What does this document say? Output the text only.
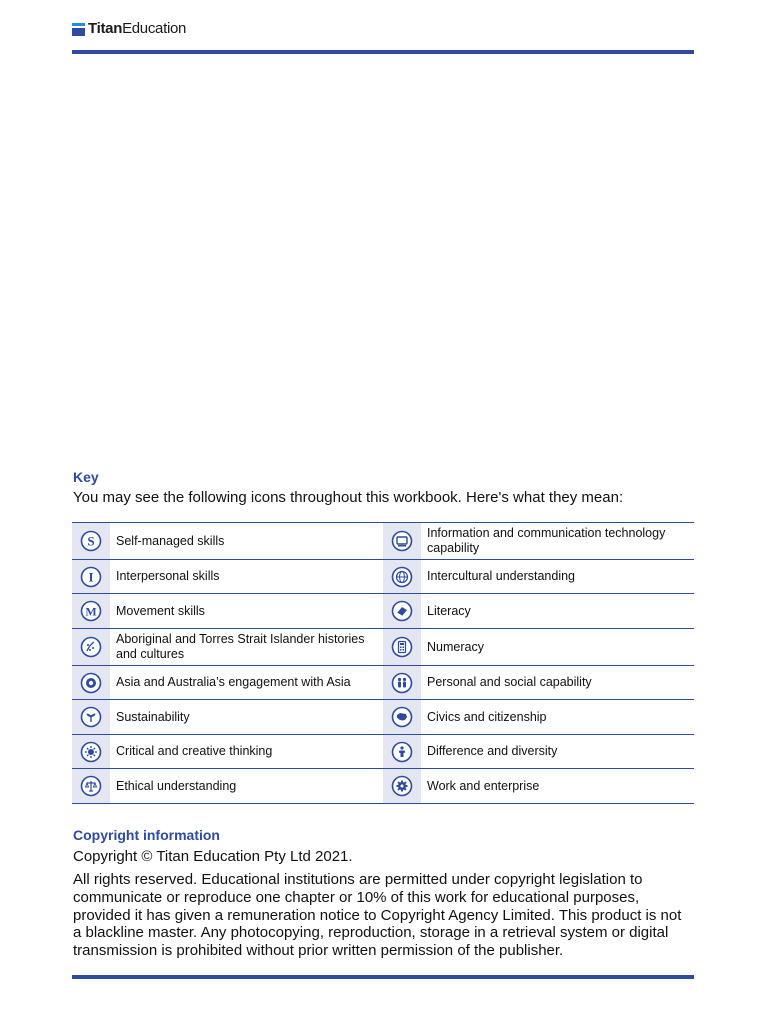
TitanEducation
Key
You may see the following icons throughout this workbook. Here's what they mean:
S	Self-managed skills		Information and communication technology capability

I	Interpersonal skills		Intercultural understanding

M	Movement skills		Literacy

	Aboriginal and Torres Strait Islander histories and cultures		Numeracy

	Asia and Australia’s engagement with Asia		Personal and social capability

	Sustainability		Civics and citizenship

	Critical and creative thinking		Difference and diversity

	Ethical understanding		Work and enterprise
Copyright information
Copyright © Titan Education Pty Ltd 2021.

All rights reserved. Educational institutions are permitted under copyright legislation to communicate or reproduce one chapter or 10% of this work for educational purposes, provided it has given a remuneration notice to Copyright Agency Limited. This product is not a blackline master. Any photocopying, reproduction, storage in a retrieval system or digital transmission is prohibited without prior written permission of the publisher.
